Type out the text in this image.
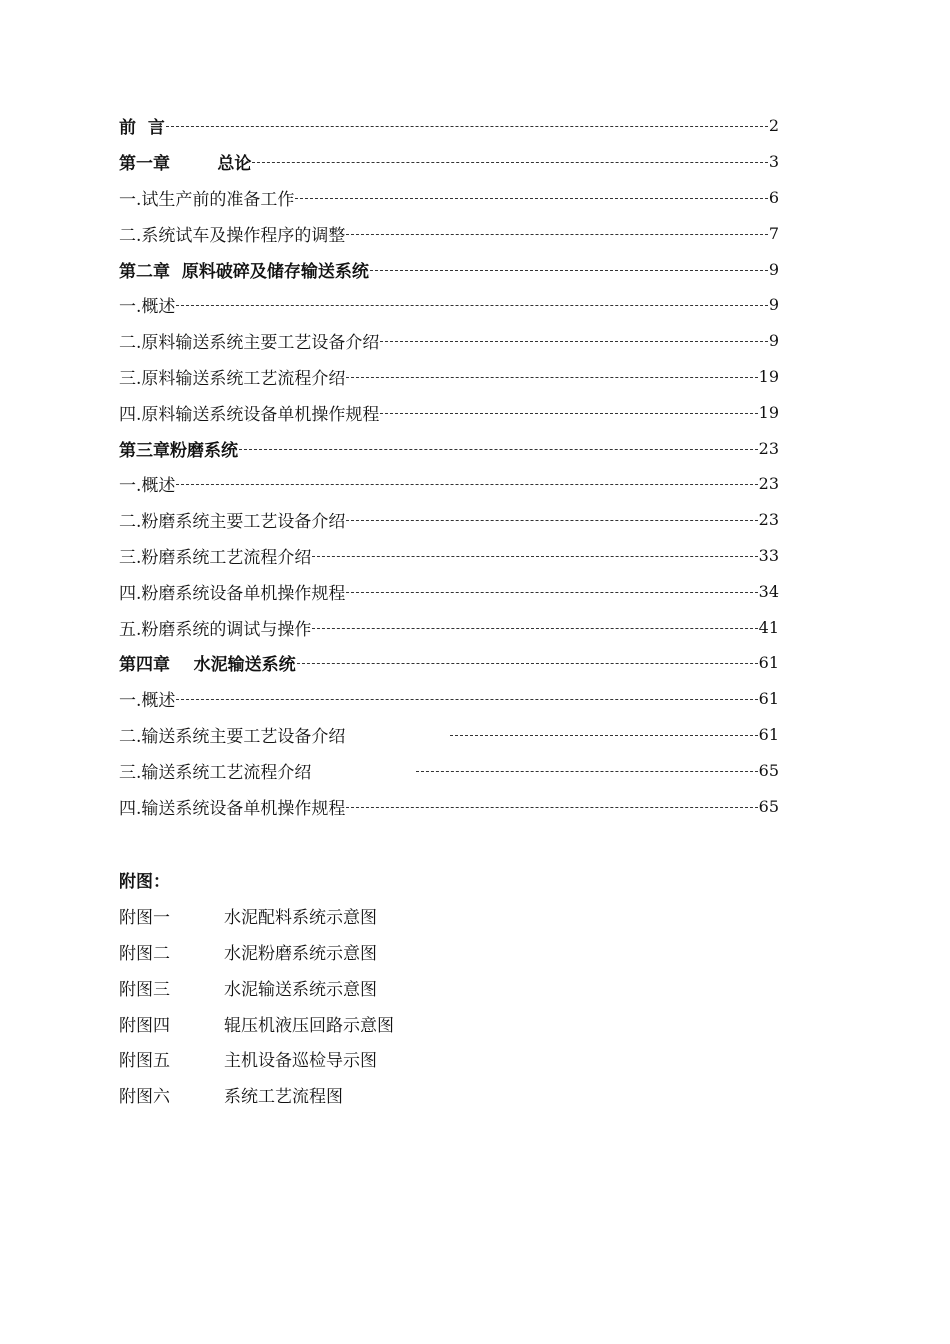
前  言	2
第一章        总论	3
一.试生产前的准备工作	6
二.系统试车及操作程序的调整	7
第二章  原料破碎及储存输送系统	9
一.概述	9
二.原料输送系统主要工艺设备介绍	9
三.原料输送系统工艺流程介绍	19
四.原料输送系统设备单机操作规程	19
第三章粉磨系统	23
一.概述	23
二.粉磨系统主要工艺设备介绍	23
三.粉磨系统工艺流程介绍	33
四.粉磨系统设备单机操作规程	34
五.粉磨系统的调试与操作	41
第四章    水泥输送系统	61
一.概述	61
二.输送系统主要工艺设备介绍	61
三.输送系统工艺流程介绍	65
四.输送系统设备单机操作规程	65
附图：
附图一	水泥配料系统示意图
附图二	水泥粉磨系统示意图
附图三	水泥输送系统示意图
附图四	辊压机液压回路示意图
附图五	主机设备巡检导示图
附图六	系统工艺流程图
